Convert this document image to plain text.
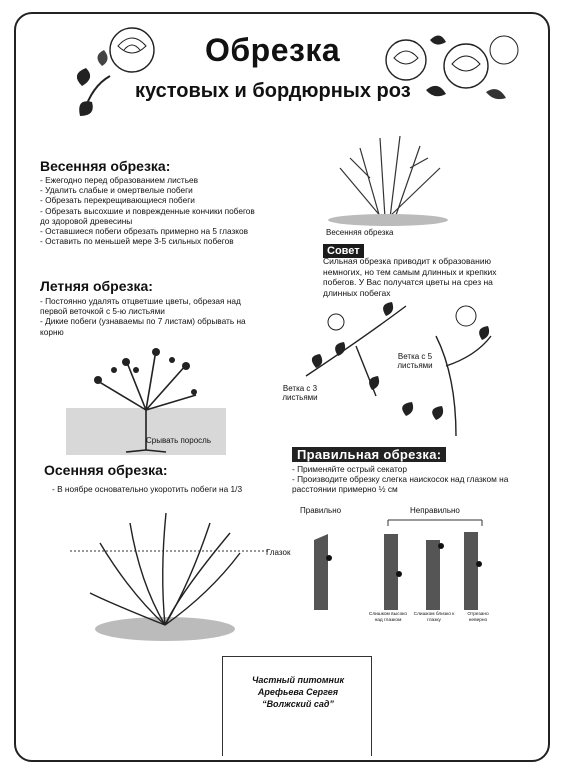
Обрезка
кустовых и бордюрных роз
Весенняя обрезка:
- Ежегодно перед образованием листьев
- Удалить слабые и омертвелые побеги
- Обрезать перекрещивающиеся побеги
- Обрезать высохшие и поврежденные кончики побегов до здоровой древесины
- Оставшиеся побеги обрезать примерно на 5 глазков
- Оставить по меньшей мере 3-5 сильных побегов
Весенняя обрезка
Совет
Сильная обрезка приводит к образованию немногих, но тем самым длинных и крепких побегов. У Вас получатся цветы на срез на длинных побегах
Летняя обрезка:
- Постоянно удалять отцветшие цветы, обрезая над первой веточкой с 5-ю листьями
- Дикие побеги (узнаваемы по 7 листам) обрывать на корню
Срывать поросль
Ветка с 5 листьями
Ветка с 3 листьями
Правильная обрезка:
- Применяйте острый секатор
- Производите обрезку слегка наискосок над глазком на расстоянии примерно ½ см
Осенняя обрезка:
- В ноябре основательно укоротить побеги на 1/3
Правильно	Неправильно
Глазок
Слишком высоко над глазком
Слишком близко к глазку
Отрезано неверно
Частный питомник
Арефьева Сергея
“Волжский сад”
